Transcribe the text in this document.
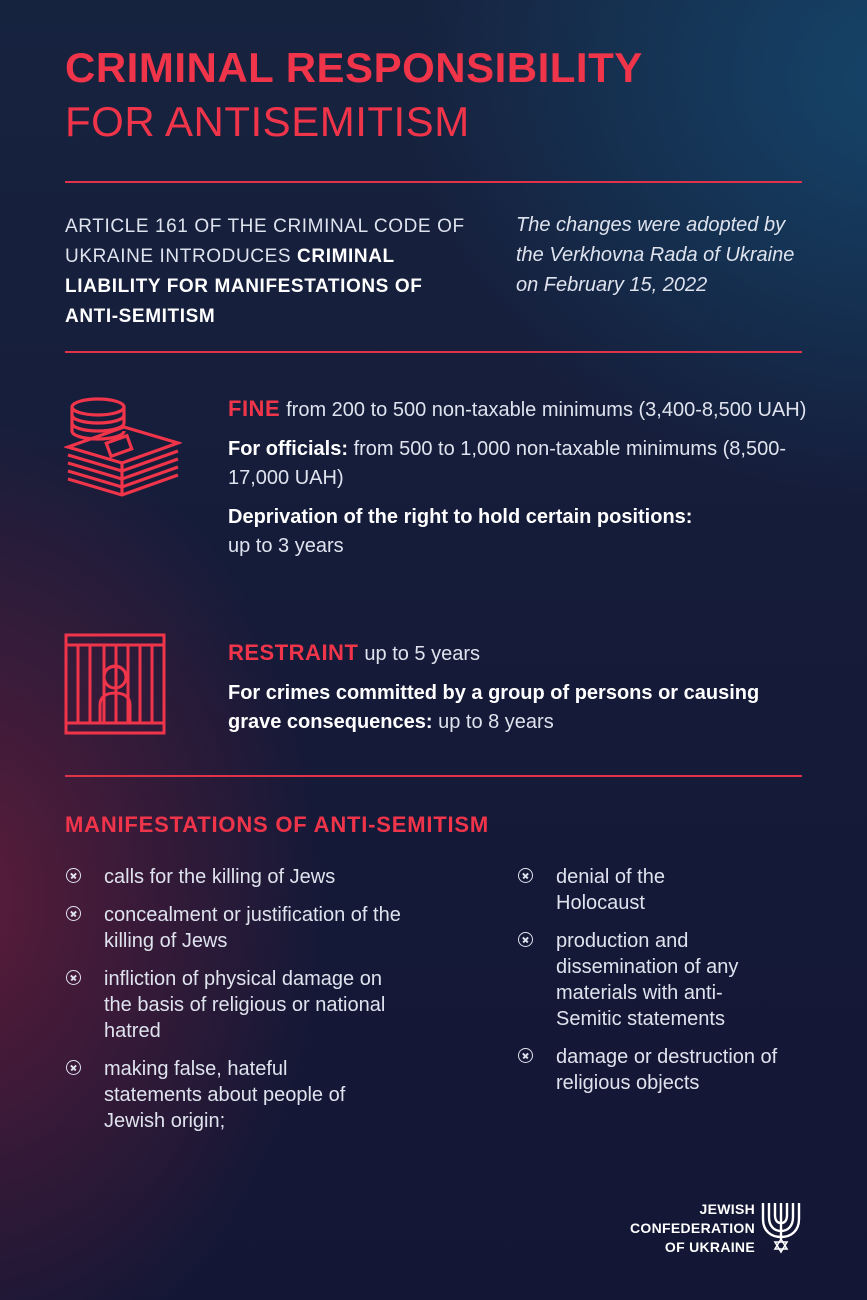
CRIMINAL RESPONSIBILITY
FOR ANTISEMITISM
ARTICLE 161 OF THE CRIMINAL CODE OF UKRAINE INTRODUCES CRIMINAL LIABILITY FOR MANIFESTATIONS OF ANTI-SEMITISM
The changes were adopted by the Verkhovna Rada of Ukraine on February 15, 2022
FINE from 200 to 500 non-taxable minimums (3,400-8,500 UAH)
For officials: from 500 to 1,000 non-taxable minimums (8,500-17,000 UAH)
Deprivation of the right to hold certain positions:
up to 3 years
RESTRAINT up to 5 years
For crimes committed by a group of persons or causing grave consequences: up to 8 years
MANIFESTATIONS OF ANTI-SEMITISM
calls for the killing of Jews
concealment or justification of the killing of Jews
infliction of physical damage on the basis of religious or national hatred
making false, hateful statements about people of Jewish origin;
denial of the Holocaust
production and dissemination of any materials with anti-Semitic statements
damage or destruction of religious objects
JEWISH
CONFEDERATION
OF UKRAINE
